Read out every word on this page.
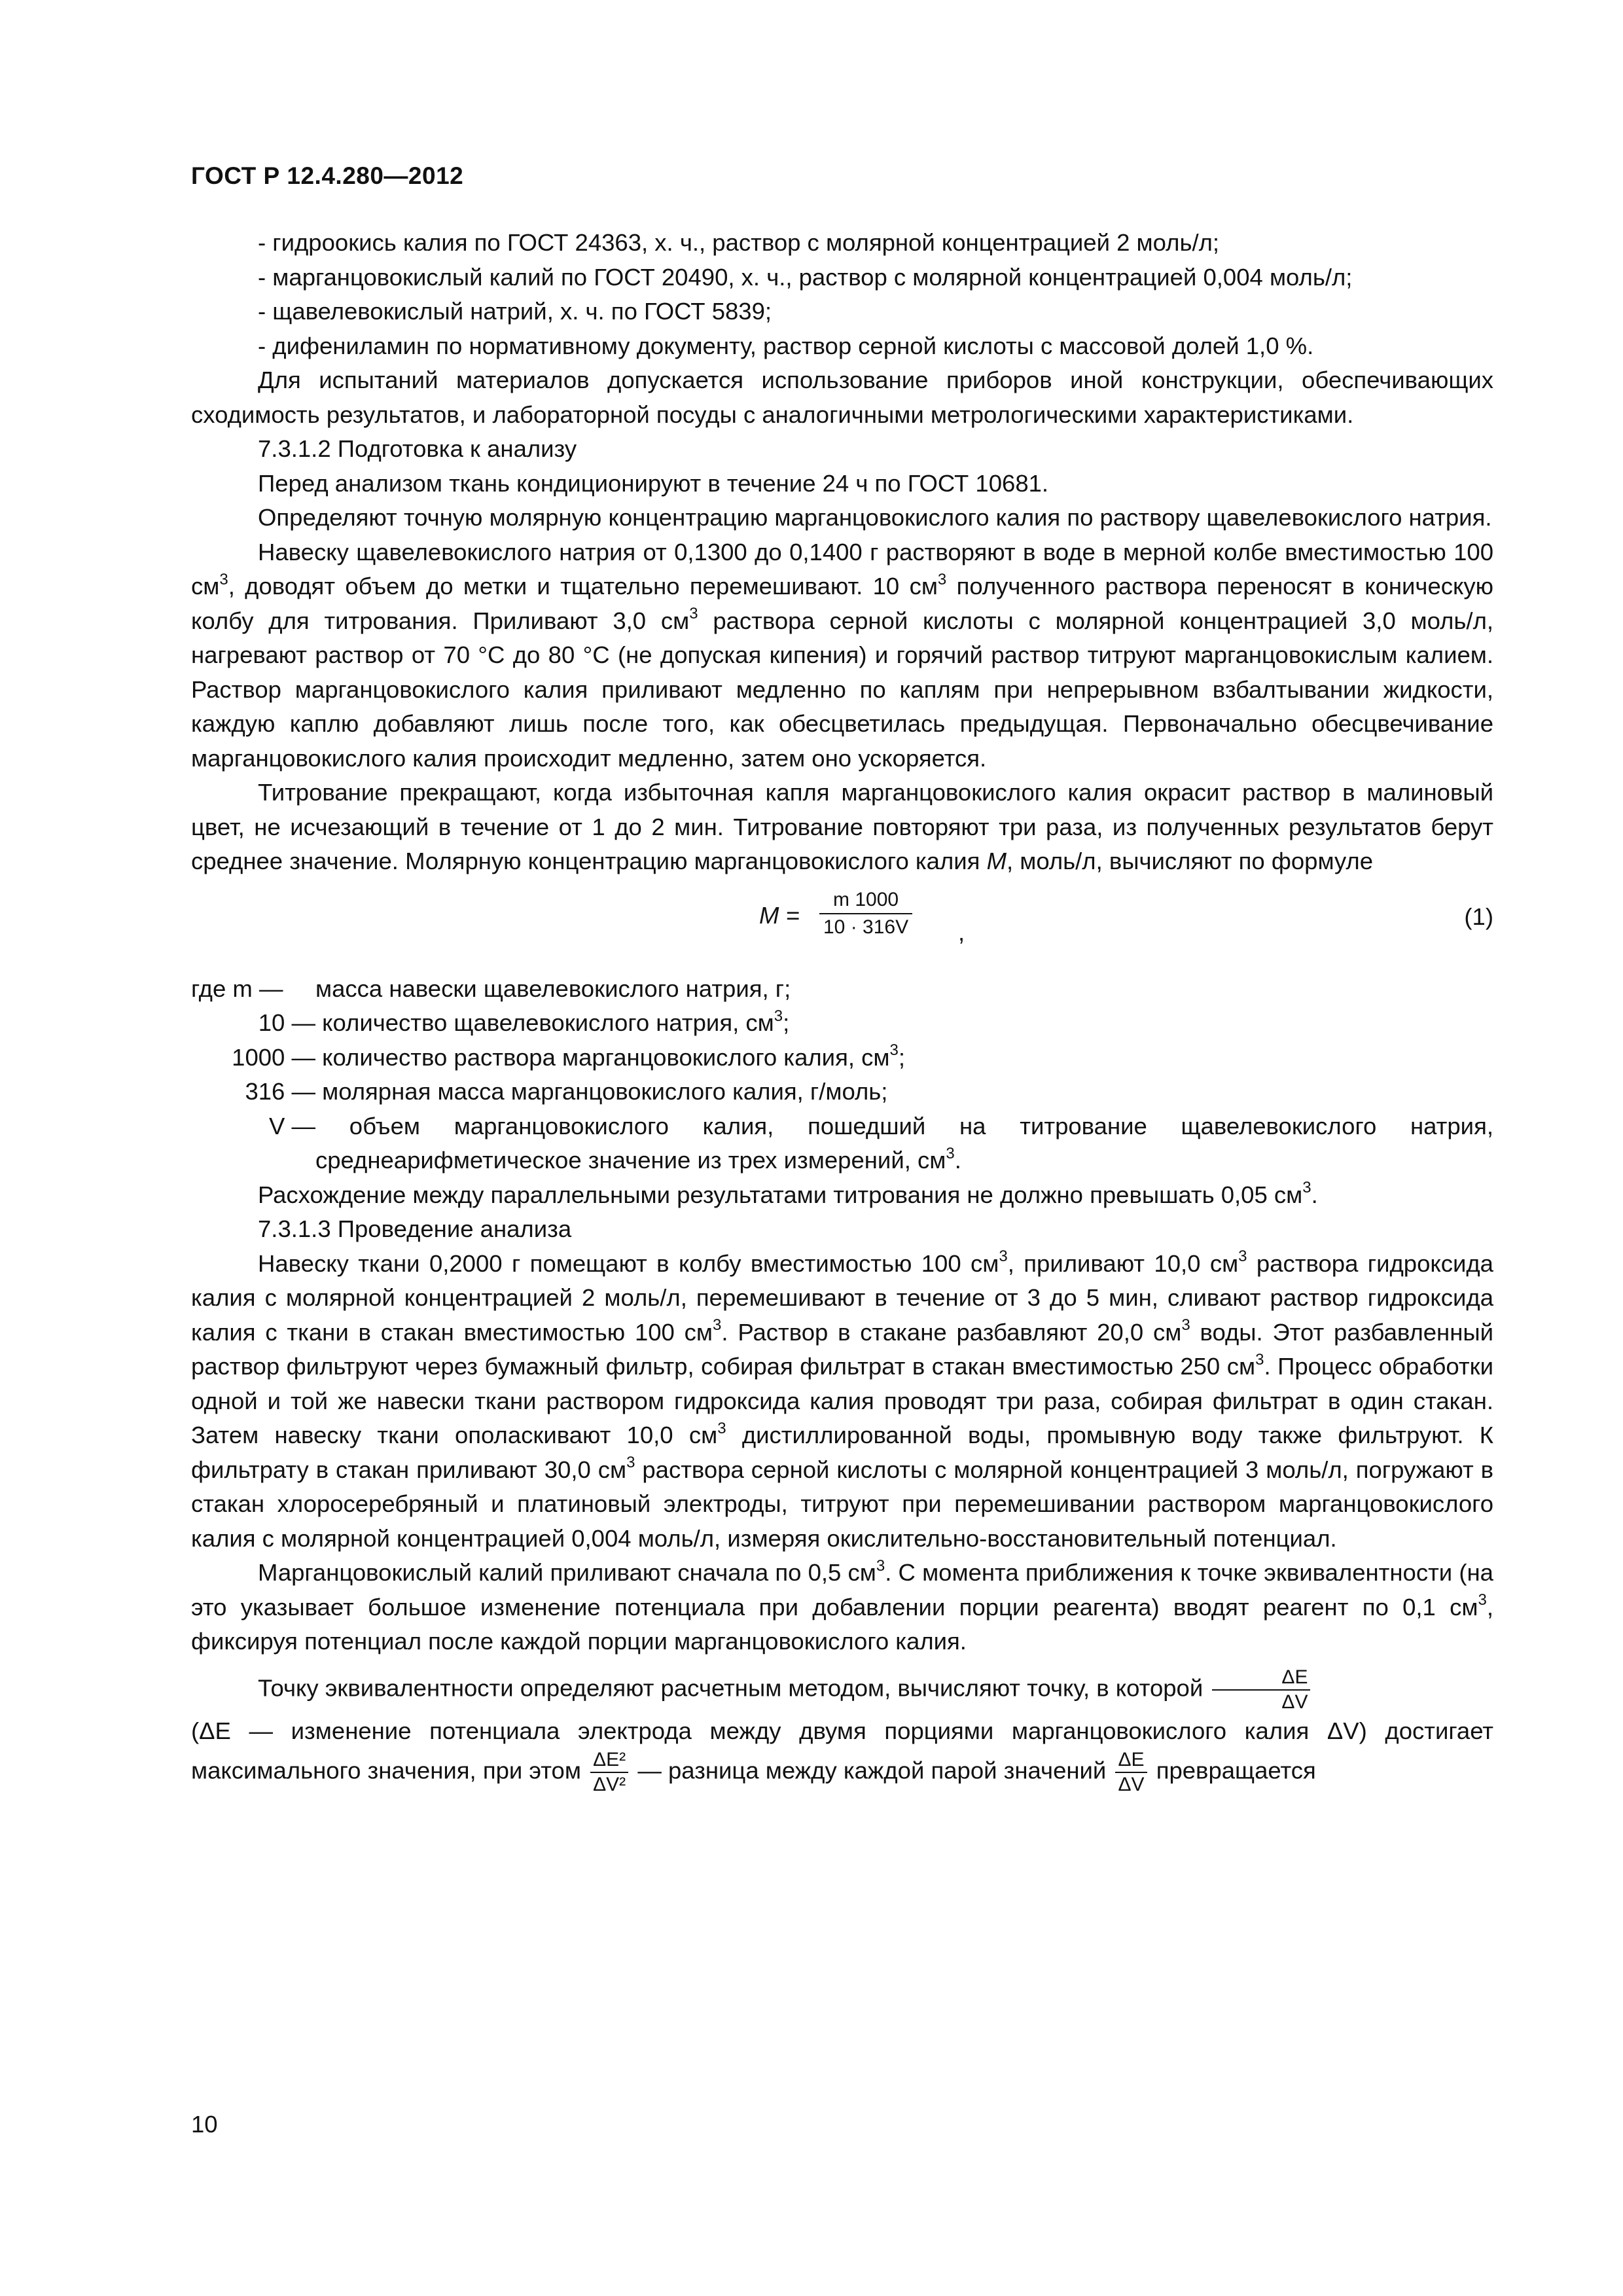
ГОСТ Р 12.4.280—2012

- гидроокись калия по ГОСТ 24363, х. ч., раствор с молярной концентрацией 2 моль/л;

- марганцовокислый калий по ГОСТ 20490, х. ч., раствор с молярной концентрацией 0,004 моль/л;

- щавелевокислый натрий, х. ч. по ГОСТ 5839;

- дифениламин по нормативному документу, раствор серной кислоты с массовой долей 1,0 %.

Для испытаний материалов допускается использование приборов иной конструкции, обеспечивающих сходимость результатов, и лабораторной посуды с аналогичными метрологическими характеристиками.

7.3.1.2 Подготовка к анализу

Перед анализом ткань кондиционируют в течение 24 ч по ГОСТ 10681.

Определяют точную молярную концентрацию марганцовокислого калия по раствору щавелевокислого натрия.

Навеску щавелевокислого натрия от 0,1300 до 0,1400 г растворяют в воде в мерной колбе вместимостью 100 $см^3$, доводят объем до метки и тщательно перемешивают. 10 $см^3$ полученного раствора переносят в коническую колбу для титрования. Приливают 3,0 $см^3$ раствора серной кислоты с молярной концентрацией 3,0 моль/л, нагревают раствор от 70 °С до 80 °С (не допуская кипения) и горячий раствор титруют марганцовокислым калием. Раствор марганцовокислого калия приливают медленно по каплям при непрерывном взбалтывании жидкости, каждую каплю добавляют лишь после того, как обесцветилась предыдущая. Первоначально обесцвечивание марганцовокислого калия происходит медленно, затем оно ускоряется.

Титрование прекращают, когда избыточная капля марганцовокислого калия окрасит раствор в малиновый цвет, не исчезающий в течение от 1 до 2 мин. Титрование повторяют три раза, из полученных результатов берут среднее значение. Молярную концентрацию марганцовокислого калия M, моль/л, вычисляют по формуле

$M = \frac{m 1000}{10 \cdot 316V}$ ,
(1)
где m —	масса навески щавелевокислого натрия, г;
10 — количество щавелевокислого натрия, $см^3$;
1000 — количество раствора марганцовокислого калия, $см^3$;
316 — молярная масса марганцовокислого калия, г/моль;
V —	объем марганцовокислого калия, пошедший на титрование щавелевокислого натрия, среднеарифметическое значение из трех измерений, $см^3$.

Расхождение между параллельными результатами титрования не должно превышать 0,05 $см^3$.

7.3.1.3 Проведение анализа

Навеску ткани 0,2000 г помещают в колбу вместимостью 100 $см^3$, приливают 10,0 $см^3$ раствора гидроксида калия с молярной концентрацией 2 моль/л, перемешивают в течение от 3 до 5 мин, сливают раствор гидроксида калия с ткани в стакан вместимостью 100 $см^3$. Раствор в стакане разбавляют 20,0 $см^3$ воды. Этот разбавленный раствор фильтруют через бумажный фильтр, собирая фильтрат в стакан вместимостью 250 $см^3$. Процесс обработки одной и той же навески ткани раствором гидроксида калия проводят три раза, собирая фильтрат в один стакан. Затем навеску ткани ополаскивают 10,0 $см^3$ дистиллированной воды, промывную воду также фильтруют. К фильтрату в стакан приливают 30,0 $см^3$ раствора серной кислоты с молярной концентрацией 3 моль/л, погружают в стакан хлоросеребряный и платиновый электроды, титруют при перемешивании раствором марганцовокислого калия с молярной концентрацией 0,004 моль/л, измеряя окислительно-восстановительный потенциал.

Марганцовокислый калий приливают сначала по 0,5 $см^3$. С момента приближения к точке эквивалентности (на это указывает большое изменение потенциала при добавлении порции реагента) вводят реагент по 0,1 $см^3$, фиксируя потенциал после каждой порции марганцовокислого калия.

Точку эквивалентности определяют расчетным методом, вычисляют точку, в которой $\frac{\Delta E}{\Delta V}$

(ΔE — изменение потенциала электрода между двумя порциями марганцовокислого калия ΔV) достигает максимального значения, при этом $\frac{\text{ΔE²}}{\text{ΔV²}}$ — разница между каждой парой значений $\frac{\Delta E}{\Delta V}$ превращается

10
